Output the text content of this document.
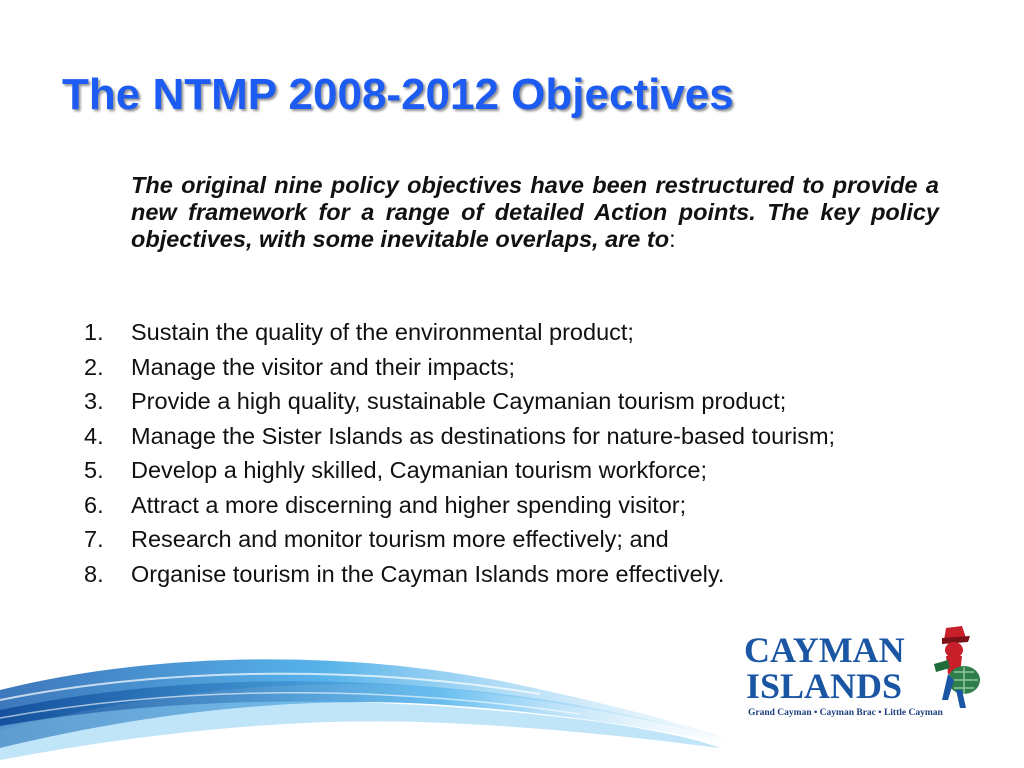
The NTMP 2008-2012 Objectives

The original nine policy objectives have been restructured to provide a new framework for a range of detailed Action points. The key policy objectives, with some inevitable overlaps, are to:

1.	Sustain the quality of the environmental product;
2.	Manage the visitor and their impacts;
3.	Provide a high quality, sustainable Caymanian tourism product;
4.	Manage the Sister Islands as destinations for nature-based tourism;
5.	Develop a highly skilled, Caymanian tourism workforce;
6.	Attract a more discerning and higher spending visitor;
7.	Research and monitor tourism more effectively; and
8.	Organise tourism in the Cayman Islands more effectively.

CAYMAN

ISLANDS

Grand Cayman • Cayman Brac • Little Cayman
